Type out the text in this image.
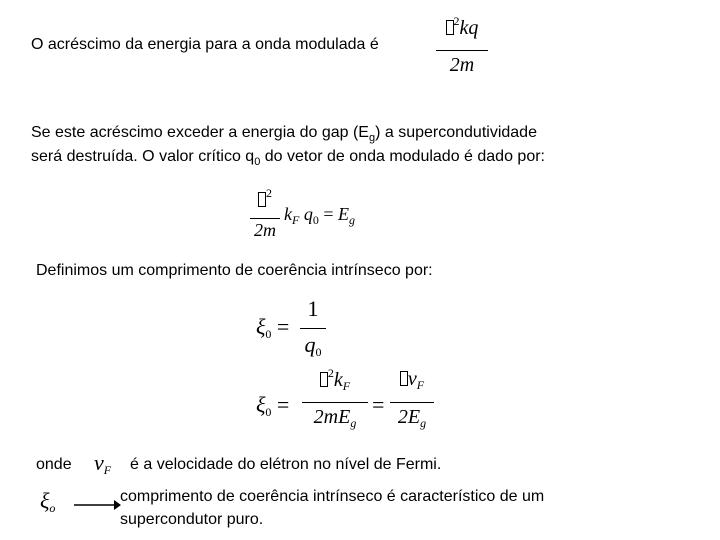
O acréscimo da energia para a onda modulada é
$^2$kq
2m
Se este acréscimo exceder a energia do gap $(E_g)$ a supercondutividade
será destruída. O valor crítico $q_0$ do vetor de onda modulado é dado por:
$^2$
2m
$k_F$ $q_0 = E_g$
Definimos um comprimento de coerência intrínseco por:
$\xi_0$ =
1
$q_0$
$\xi_0$ =
$^2k_F$
$2mE_g$
=
$v_F$
$2E_g$
onde $v_F$ é a velocidade do elétron no nível de Fermi.
$\xi_o$
comprimento de coerência intrínseco é característico de um
supercondutor puro.
